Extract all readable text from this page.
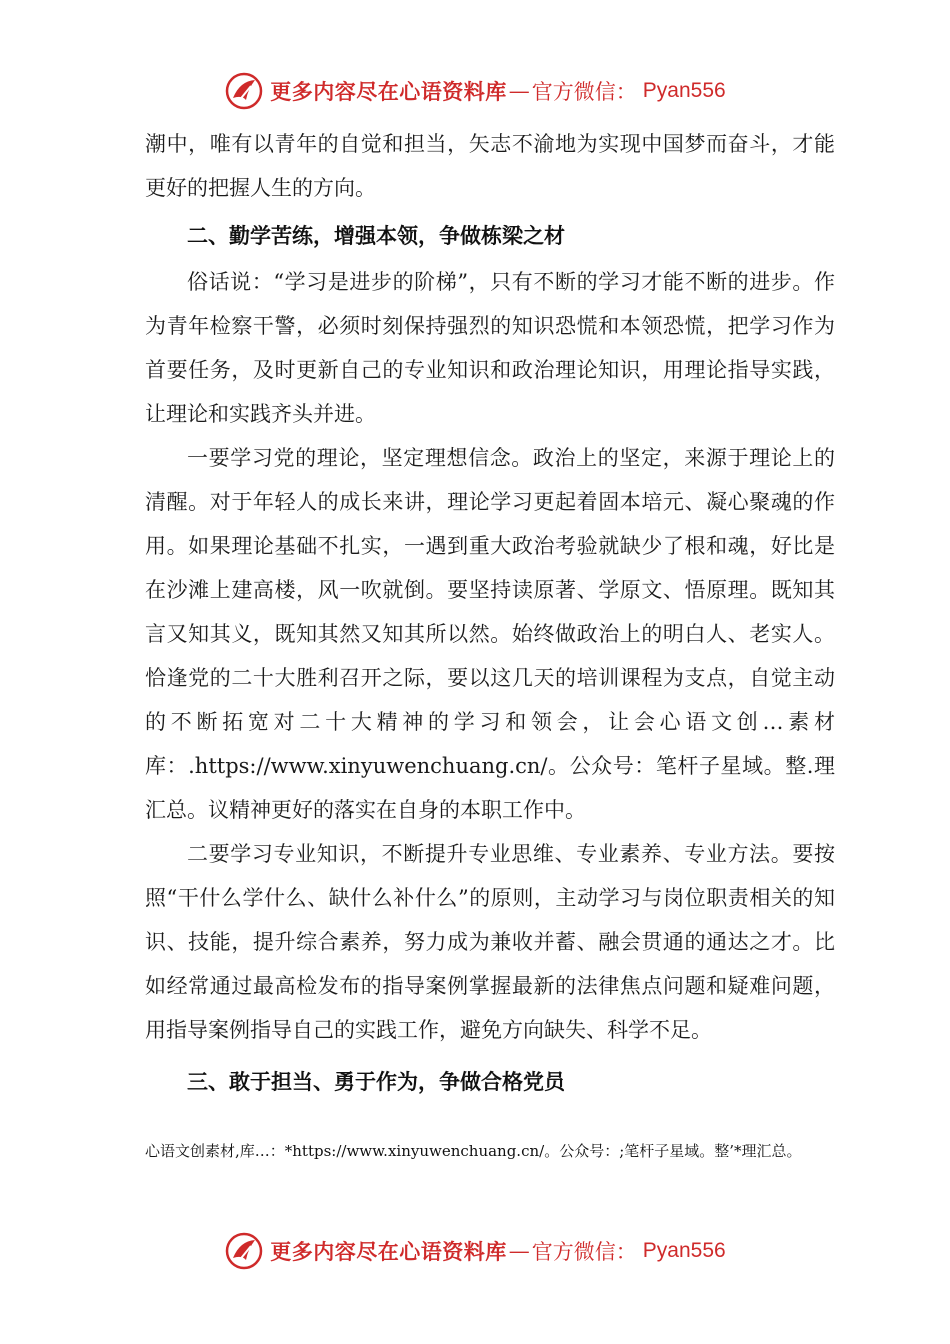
更多内容尽在心语资料库 — 官方微信： Pyan556

潮中，唯有以青年的自觉和担当，矢志不渝地为实现中国梦而奋斗，才能更好的把握人生的方向。

二、勤学苦练，增强本领，争做栋梁之材

俗话说：“学习是进步的阶梯”，只有不断的学习才能不断的进步。作为青年检察干警，必须时刻保持强烈的知识恐慌和本领恐慌，把学习作为首要任务，及时更新自己的专业知识和政治理论知识，用理论指导实践，让理论和实践齐头并进。

一要学习党的理论，坚定理想信念。政治上的坚定，来源于理论上的清醒。对于年轻人的成长来讲，理论学习更起着固本培元、凝心聚魂的作用。如果理论基础不扎实，一遇到重大政治考验就缺少了根和魂，好比是在沙滩上建高楼，风一吹就倒。要坚持读原著、学原文、悟原理。既知其言又知其义，既知其然又知其所以然。始终做政治上的明白人、老实人。恰逢党的二十大胜利召开之际，要以这几天的培训课程为支点，自觉主动的不断拓宽对二十大精神的学习和领会，让会心语文创…素材库：.https://www.xinyuwenchuang.cn/。公众号：笔杆子星域。整.理汇总。议精神更好的落实在自身的本职工作中。

二要学习专业知识，不断提升专业思维、专业素养、专业方法。要按照“干什么学什么、缺什么补什么”的原则，主动学习与岗位职责相关的知识、技能，提升综合素养，努力成为兼收并蓄、融会贯通的通达之才。比如经常通过最高检发布的指导案例掌握最新的法律焦点问题和疑难问题，用指导案例指导自己的实践工作，避免方向缺失、科学不足。

三、敢于担当、勇于作为，争做合格党员
心语文创素材,库…：*https://www.xinyuwenchuang.cn/。公众号：;笔杆子星域。整’*理汇总。
更多内容尽在心语资料库 — 官方微信： Pyan556
